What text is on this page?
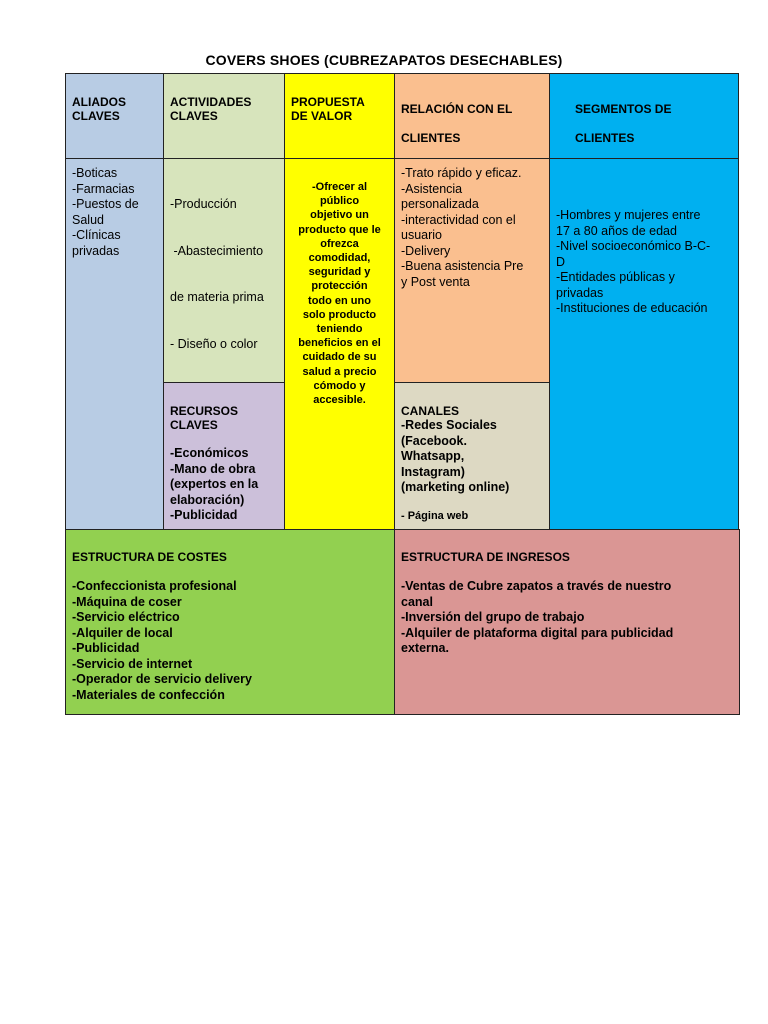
COVERS SHOES (CUBREZAPATOS DESECHABLES)
ALIADOS
CLAVES
-Boticas
-Farmacias
-Puestos de
Salud
-Clínicas
privadas
ACTIVIDADES
CLAVES

-Producción

-Abastecimiento

de materia prima

- Diseño o color

RECURSOS
CLAVES
-Económicos
-Mano de obra
(expertos en la
elaboración)
-Publicidad
PROPUESTA
DE VALOR
-Ofrecer al
público
objetivo un
producto que le
ofrezca
comodidad,
seguridad y
protección
todo en uno
solo producto
teniendo
beneficios en el
cuidado de su
salud a precio
cómodo y
accesible.
RELACIÓN CON EL
CLIENTES
-Trato rápido y eficaz.
-Asistencia
personalizada
-interactividad con el
usuario
-Delivery
-Buena asistencia Pre
y Post venta
CANALES
-Redes Sociales
(Facebook.
Whatsapp,
Instagram)
(marketing online)
- Página web
SEGMENTOS DE
CLIENTES
-Hombres y mujeres entre
17 a 80 años de edad
-Nivel socioeconómico B-C-
D
-Entidades públicas y
privadas
-Instituciones de educación
ESTRUCTURA DE COSTES
-Confeccionista profesional
-Máquina de coser
-Servicio eléctrico
-Alquiler de local
-Publicidad
-Servicio de internet
-Operador de servicio delivery
-Materiales de confección
ESTRUCTURA DE INGRESOS
-Ventas de Cubre zapatos a través de nuestro
canal
-Inversión del grupo de trabajo
-Alquiler de plataforma digital para publicidad
externa.
